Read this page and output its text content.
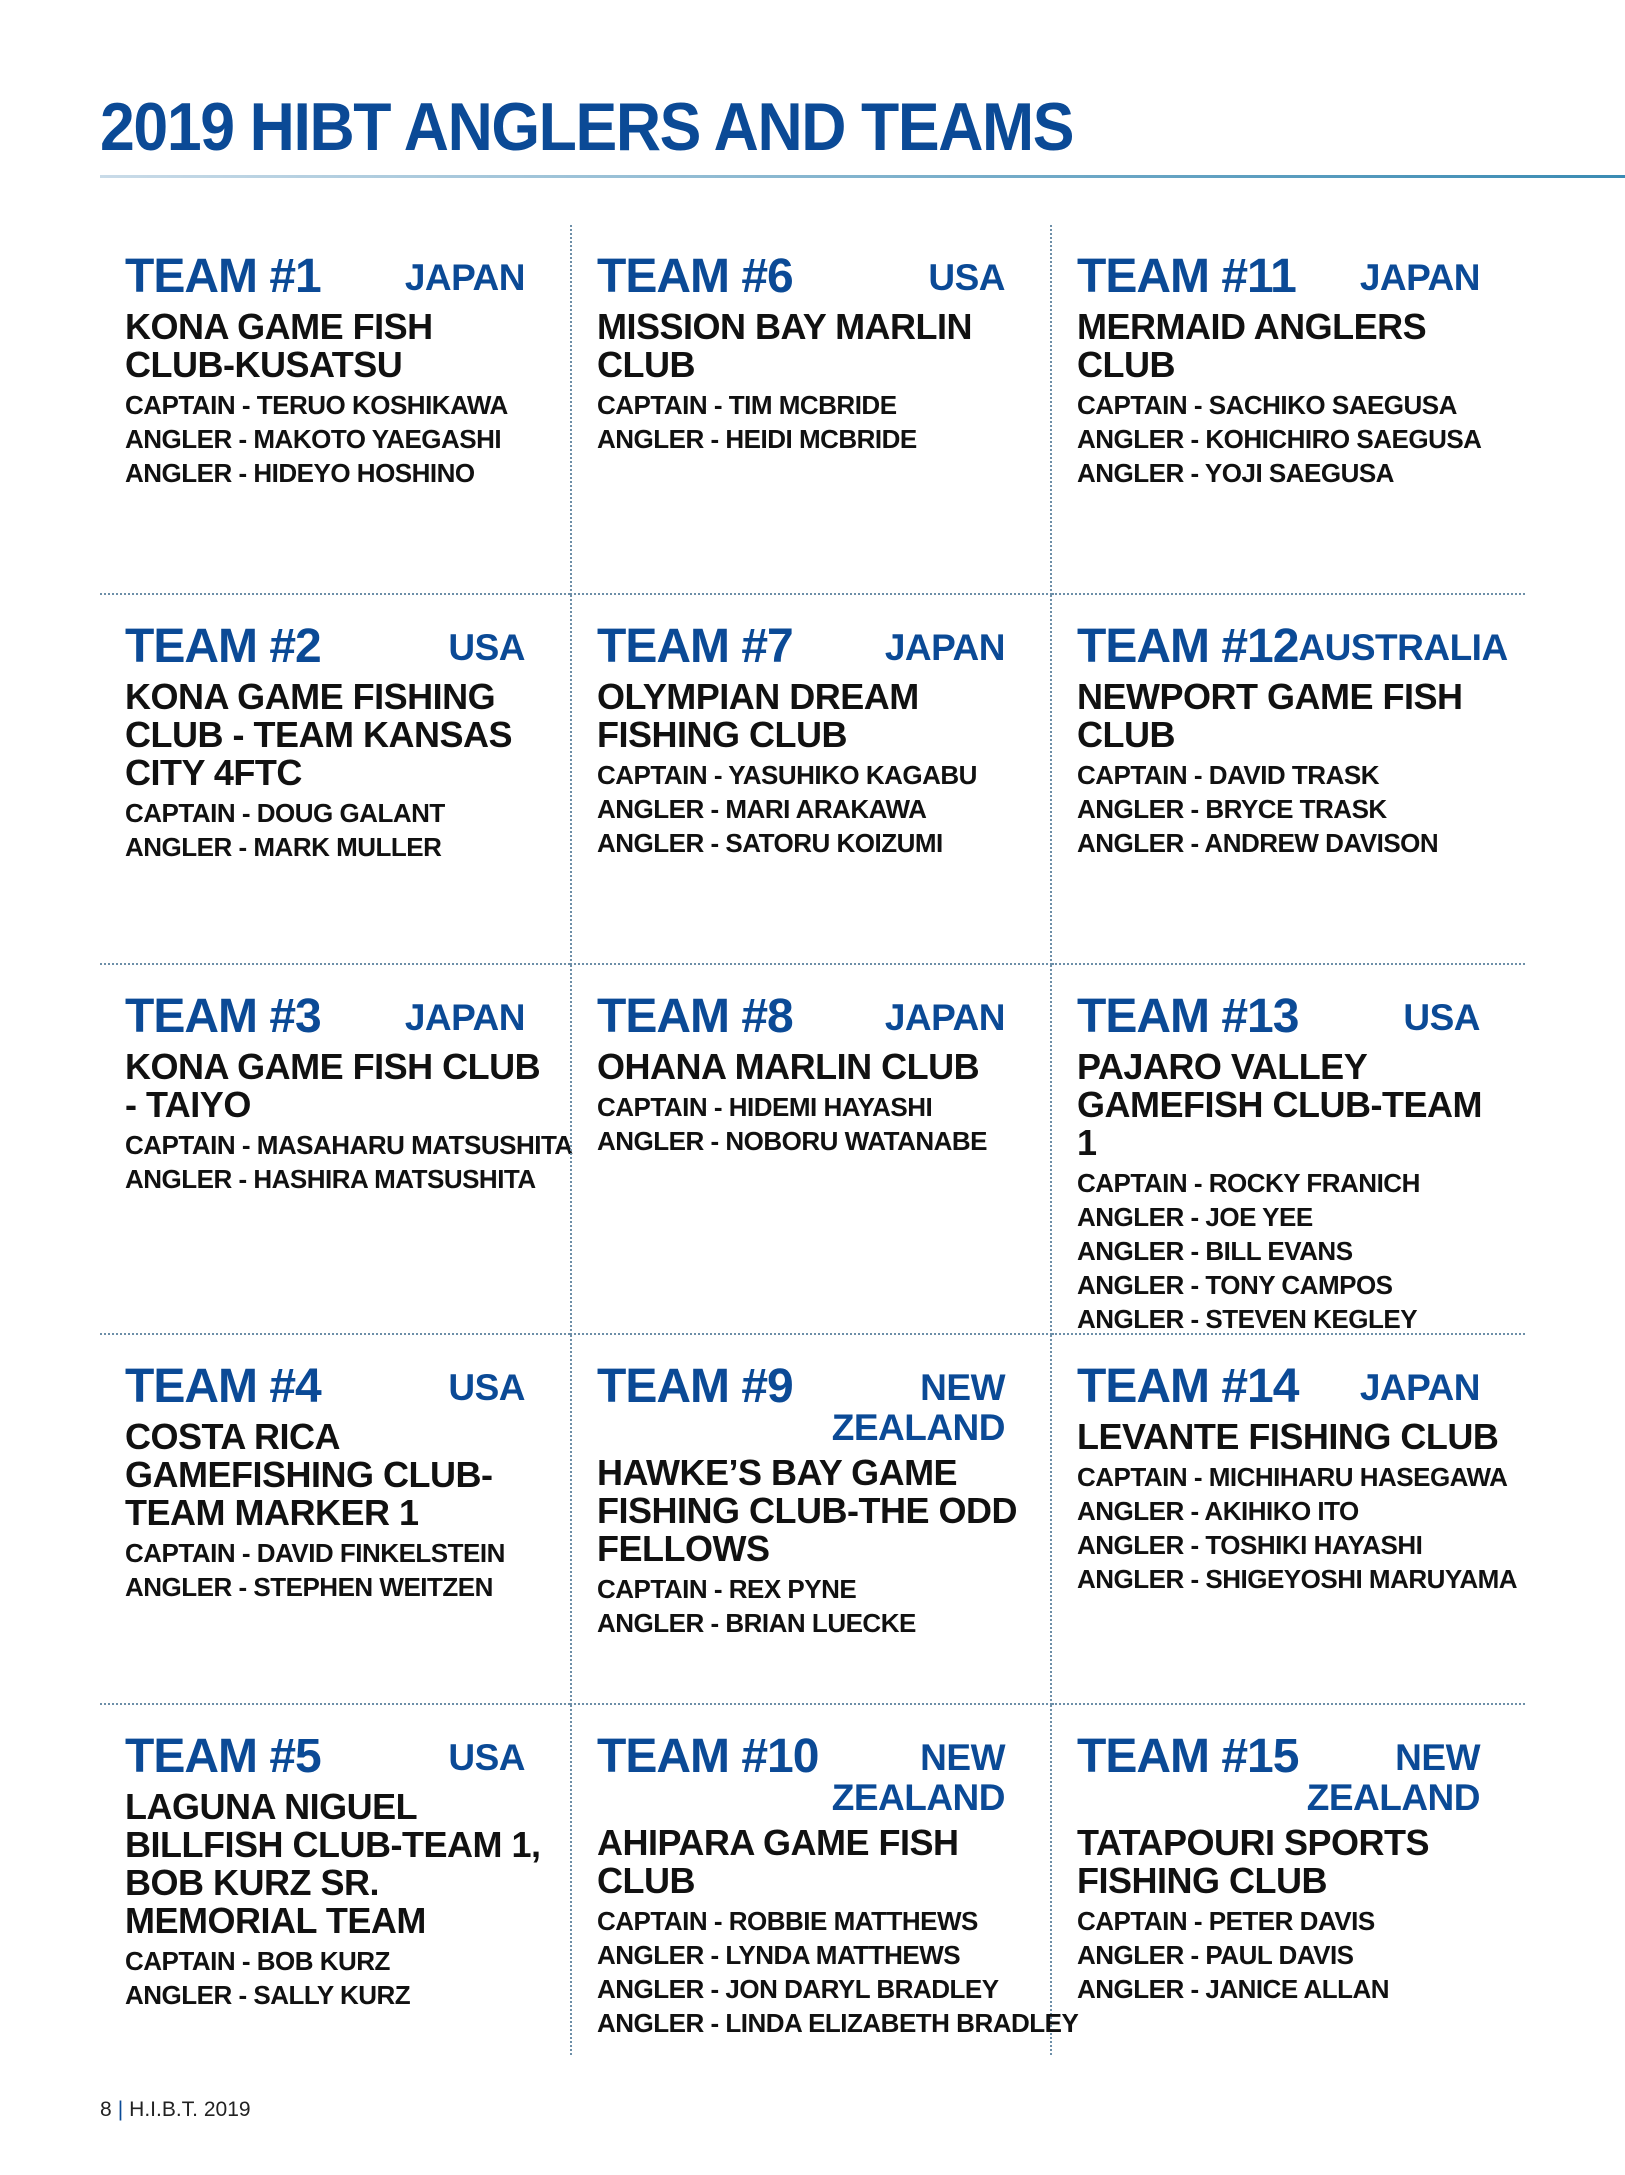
2019 HIBT ANGLERS AND TEAMS
TEAM #1 JAPAN
KONA GAME FISH CLUB-KUSATSU
CAPTAIN - TERUO KOSHIKAWA
ANGLER - MAKOTO YAEGASHI
ANGLER - HIDEYO HOSHINO
TEAM #6	USA
MISSION BAY MARLIN CLUB
CAPTAIN - TIM MCBRIDE
ANGLER - HEIDI MCBRIDE
TEAM #11 JAPAN
MERMAID ANGLERS CLUB
CAPTAIN - SACHIKO SAEGUSA
ANGLER - KOHICHIRO SAEGUSA
ANGLER - YOJI SAEGUSA
TEAM #2	USA
KONA GAME FISHING CLUB - TEAM KANSAS CITY 4FTC
CAPTAIN - DOUG GALANT
ANGLER - MARK MULLER
TEAM #7 JAPAN
OLYMPIAN DREAM FISHING CLUB
CAPTAIN - YASUHIKO KAGABU
ANGLER - MARI ARAKAWA
ANGLER - SATORU KOIZUMI
TEAM #12 AUSTRALIA
NEWPORT GAME FISH CLUB
CAPTAIN - DAVID TRASK
ANGLER - BRYCE TRASK
ANGLER - ANDREW DAVISON
TEAM #3 JAPAN
KONA GAME FISH CLUB - TAIYO
CAPTAIN - MASAHARU MATSUSHITA
ANGLER - HASHIRA MATSUSHITA
TEAM #8 JAPAN
OHANA MARLIN CLUB
CAPTAIN - HIDEMI HAYASHI
ANGLER - NOBORU WATANABE
TEAM #13	USA
PAJARO VALLEY GAMEFISH CLUB-TEAM 1
CAPTAIN - ROCKY FRANICH
ANGLER - JOE YEE
ANGLER - BILL EVANS
ANGLER - TONY CAMPOS
ANGLER - STEVEN KEGLEY
TEAM #4	USA
COSTA RICA GAMEFISHING CLUB-TEAM MARKER 1
CAPTAIN - DAVID FINKELSTEIN
ANGLER - STEPHEN WEITZEN
TEAM #9	NEW
ZEALAND
HAWKE’S BAY GAME FISHING CLUB-THE ODD FELLOWS
CAPTAIN - REX PYNE
ANGLER - BRIAN LUECKE
TEAM #14 JAPAN
LEVANTE FISHING CLUB
CAPTAIN - MICHIHARU HASEGAWA
ANGLER - AKIHIKO ITO
ANGLER - TOSHIKI HAYASHI
ANGLER - SHIGEYOSHI MARUYAMA
TEAM #5	USA
LAGUNA NIGUEL BILLFISH CLUB-TEAM 1, BOB KURZ SR. MEMORIAL TEAM
CAPTAIN - BOB KURZ
ANGLER - SALLY KURZ
TEAM #10	NEW
ZEALAND
AHIPARA GAME FISH CLUB
CAPTAIN - ROBBIE MATTHEWS
ANGLER - LYNDA MATTHEWS
ANGLER - JON DARYL BRADLEY
ANGLER - LINDA ELIZABETH BRADLEY
TEAM #15	NEW
ZEALAND
TATAPOURI SPORTS FISHING CLUB
CAPTAIN - PETER DAVIS
ANGLER - PAUL DAVIS
ANGLER - JANICE ALLAN
8 | H.I.B.T. 2019
